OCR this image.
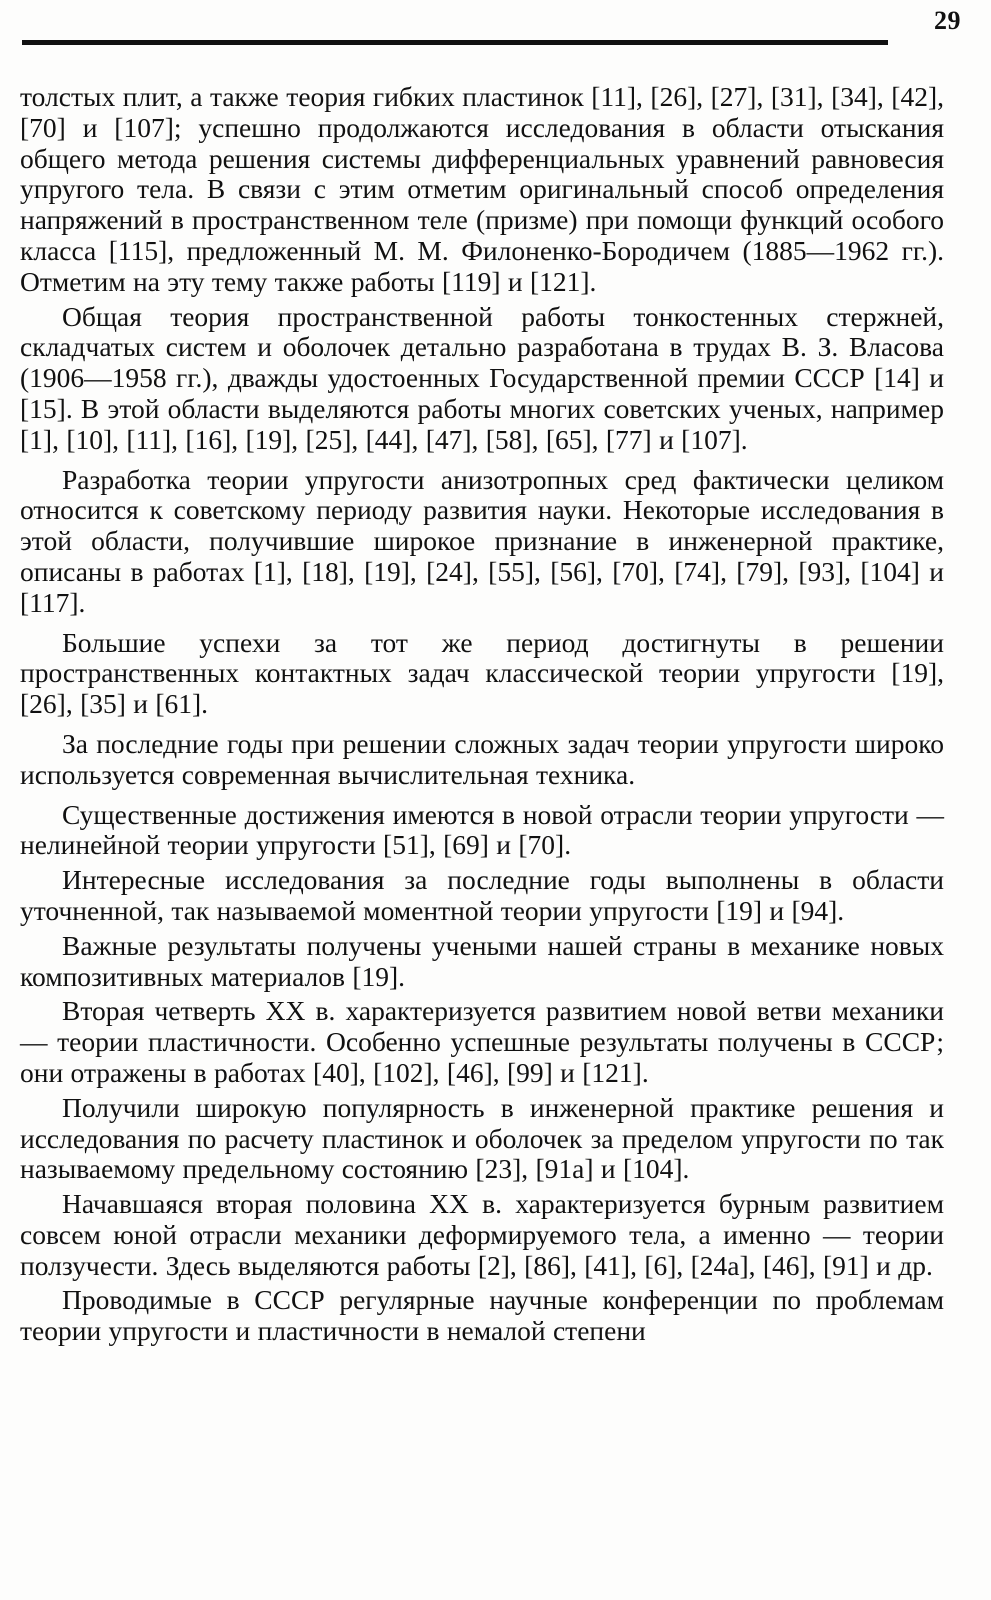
29

толстых плит, а также теория гибких пластинок [11], [26], [27], [31], [34], [42], [70] и [107]; успешно продолжаются исследования в области отыскания общего метода решения системы дифференциальных уравнений равновесия упругого тела. В связи с этим отметим оригинальный способ определения напряжений в пространственном теле (призме) при помощи функций особого класса [115], предложенный М. М. Филоненко-Бородичем (1885—1962 гг.). Отметим на эту тему также работы [119] и [121].

Общая теория пространственной работы тонкостенных стержней, складчатых систем и оболочек детально разработана в трудах В. З. Власова (1906—1958 гг.), дважды удостоенных Государственной премии СССР [14] и [15]. В этой области выделяются работы многих советских ученых, например [1], [10], [11], [16], [19], [25], [44], [47], [58], [65], [77] и [107].

Разработка теории упругости анизотропных сред фактически целиком относится к советскому периоду развития науки. Некоторые исследования в этой области, получившие широкое признание в инженерной практике, описаны в работах [1], [18], [19], [24], [55], [56], [70], [74], [79], [93], [104] и [117].

Большие успехи за тот же период достигнуты в решении пространственных контактных задач классической теории упругости [19], [26], [35] и [61].

За последние годы при решении сложных задач теории упругости широко используется современная вычислительная техника.

Существенные достижения имеются в новой отрасли теории упругости — нелинейной теории упругости [51], [69] и [70].

Интересные исследования за последние годы выполнены в области уточненной, так называемой моментной теории упругости [19] и [94].

Важные результаты получены учеными нашей страны в механике новых композитивных материалов [19].

Вторая четверть XX в. характеризуется развитием новой ветви механики — теории пластичности. Особенно успешные результаты получены в СССР; они отражены в работах [40], [102], [46], [99] и [121].

Получили широкую популярность в инженерной практике решения и исследования по расчету пластинок и оболочек за пределом упругости по так называемому предельному состоянию [23], [91а] и [104].

Начавшаяся вторая половина XX в. характеризуется бурным развитием совсем юной отрасли механики деформируемого тела, а именно — теории ползучести. Здесь выделяются работы [2], [86], [41], [6], [24а], [46], [91] и др.

Проводимые в СССР регулярные научные конференции по проблемам теории упругости и пластичности в немалой степени
